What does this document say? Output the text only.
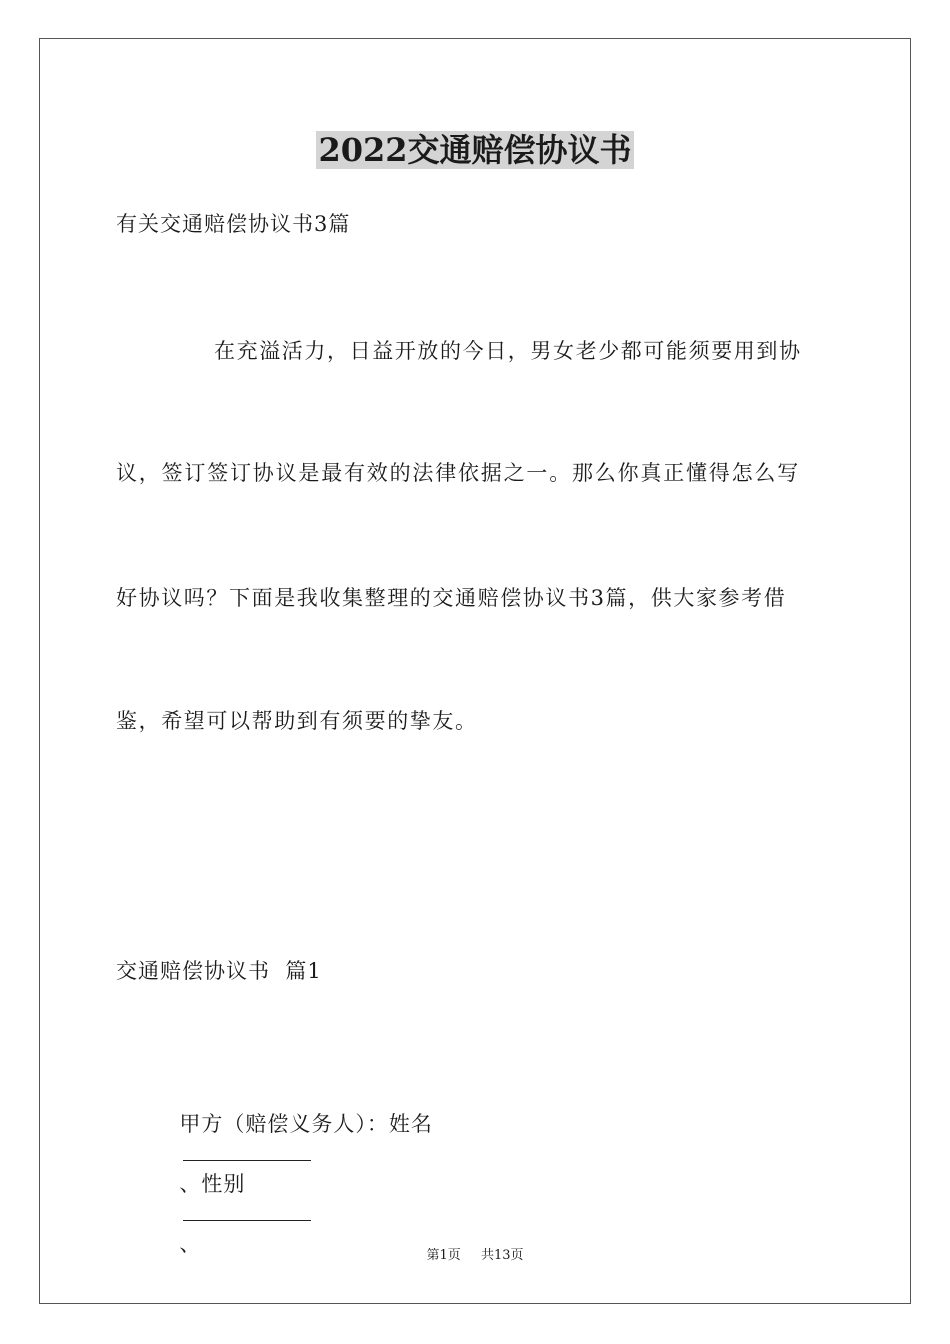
2022交通赔偿协议书
有关交通赔偿协议书3篇
在充溢活力，日益开放的今日，男女老少都可能须要用到协
议，签订签订协议是最有效的法律依据之一。那么你真正懂得怎么写
好协议吗？下面是我收集整理的交通赔偿协议书3篇，供大家参考借
鉴，希望可以帮助到有须要的挚友。
交通赔偿协议书  篇1

甲方（赔偿义务人）：姓名

、性别

、	第1页 共13页
